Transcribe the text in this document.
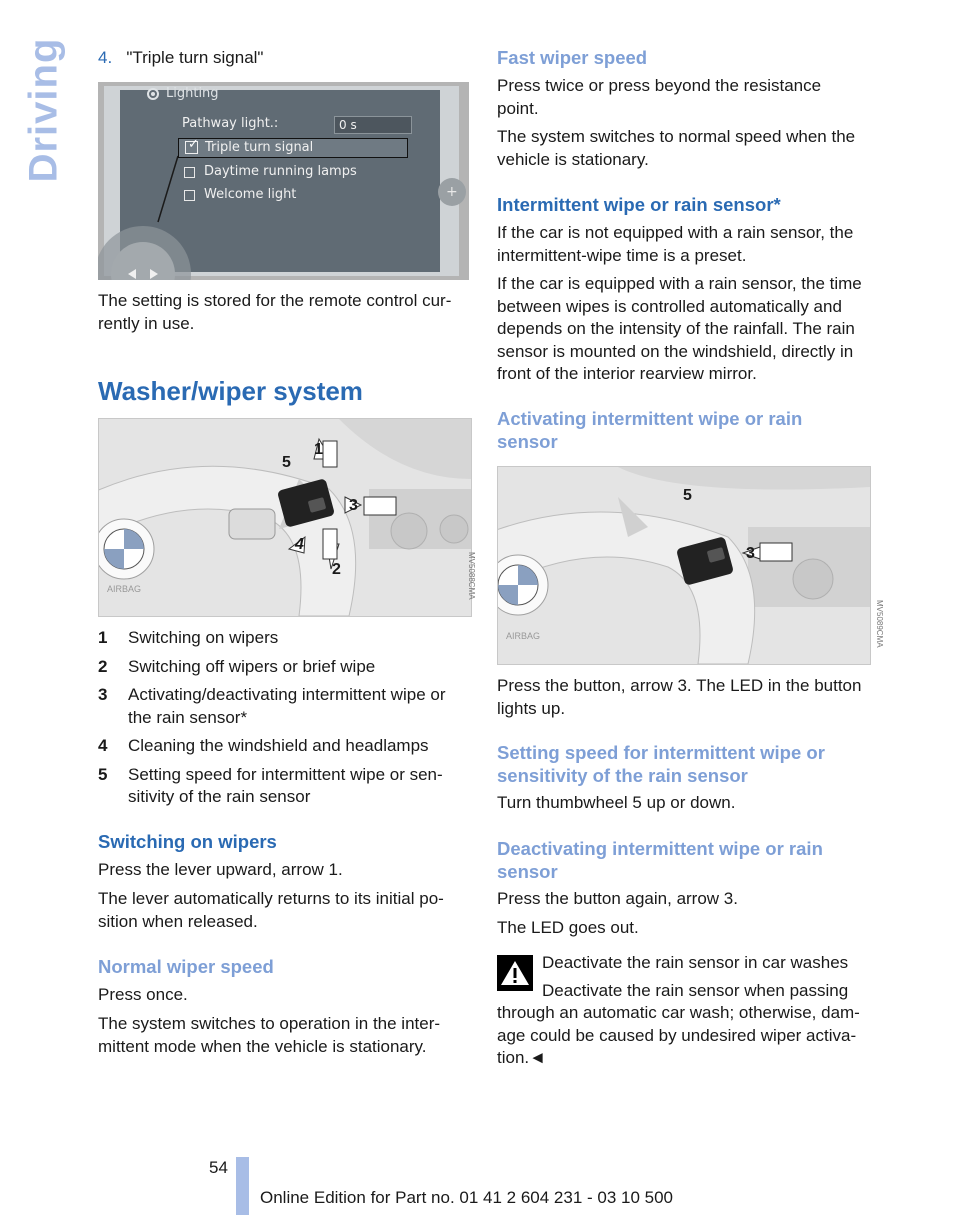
Driving 4. "Triple turn signal"
+
Lighting
Pathway light.:	0 s
✓ Triple turn signal
Daytime running lamps
Welcome light
The setting is stored for the remote control cur-
rently in use.
Washer/wiper system
1
2
3
4
5
AIRBAG	MV5088CMA
1	Switching on wipers
2	Switching off wipers or brief wipe
3	Activating/deactivating intermittent wipe or
the rain sensor*
4	Cleaning the windshield and headlamps
5	Setting speed for intermittent wipe or sen-
sitivity of the rain sensor
Switching on wipers
Press the lever upward, arrow 1.
The lever automatically returns to its initial po-
sition when released.
Normal wiper speed
Press once.
The system switches to operation in the inter-
mittent mode when the vehicle is stationary.
Fast wiper speed
Press twice or press beyond the resistance
point.
The system switches to normal speed when the
vehicle is stationary.
Intermittent wipe or rain sensor*
If the car is not equipped with a rain sensor, the
intermittent-wipe time is a preset.
If the car is equipped with a rain sensor, the time
between wipes is controlled automatically and
depends on the intensity of the rainfall. The rain
sensor is mounted on the windshield, directly in
front of the interior rearview mirror.
Activating intermittent wipe or rain
sensor
5
3
AIRBAG	MV5089CMA
Press the button, arrow 3. The LED in the button
lights up.
Setting speed for intermittent wipe or
sensitivity of the rain sensor
Turn thumbwheel 5 up or down.
Deactivating intermittent wipe or rain
sensor
Press the button again, arrow 3.
The LED goes out.
Deactivate the rain sensor in car washes
Deactivate the rain sensor when passing
through an automatic car wash; otherwise, dam-
age could be caused by undesired wiper activa-
tion.◄
54
Online Edition for Part no. 01 41 2 604 231 - 03 10 500
